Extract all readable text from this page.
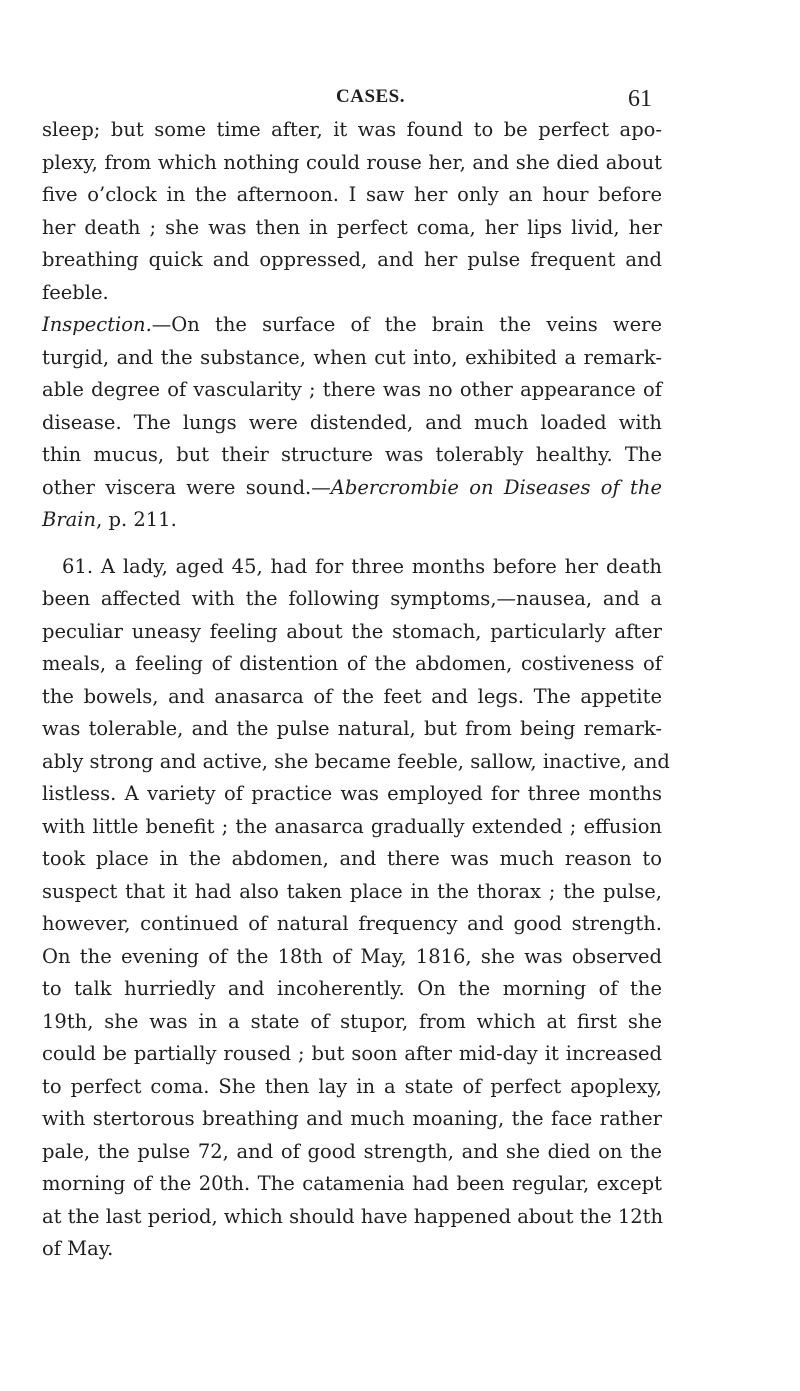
CASES.	61
sleep; but some time after, it was found to be perfect apo-
plexy, from which nothing could rouse her, and she died about
five o’clock in the afternoon. I saw her only an hour before
her death ; she was then in perfect coma, her lips livid, her
breathing quick and oppressed, and her pulse frequent and
feeble.
Inspection.—On the surface of the brain the veins were
turgid, and the substance, when cut into, exhibited a remark-
able degree of vascularity ; there was no other appearance of
disease. The lungs were distended, and much loaded with
thin mucus, but their structure was tolerably healthy. The
other viscera were sound.—Abercrombie on Diseases of the
Brain, p. 211.
61. A lady, aged 45, had for three months before her death
been affected with the following symptoms,—nausea, and a
peculiar uneasy feeling about the stomach, particularly after
meals, a feeling of distention of the abdomen, costiveness of
the bowels, and anasarca of the feet and legs. The appetite
was tolerable, and the pulse natural, but from being remark-
ably strong and active, she became feeble, sallow, inactive, and
listless. A variety of practice was employed for three months
with little benefit ; the anasarca gradually extended ; effusion
took place in the abdomen, and there was much reason to
suspect that it had also taken place in the thorax ; the pulse,
however, continued of natural frequency and good strength.
On the evening of the 18th of May, 1816, she was observed
to talk hurriedly and incoherently. On the morning of the
19th, she was in a state of stupor, from which at first she
could be partially roused ; but soon after mid-day it increased
to perfect coma. She then lay in a state of perfect apoplexy,
with stertorous breathing and much moaning, the face rather
pale, the pulse 72, and of good strength, and she died on the
morning of the 20th. The catamenia had been regular, except
at the last period, which should have happened about the 12th
of May.
